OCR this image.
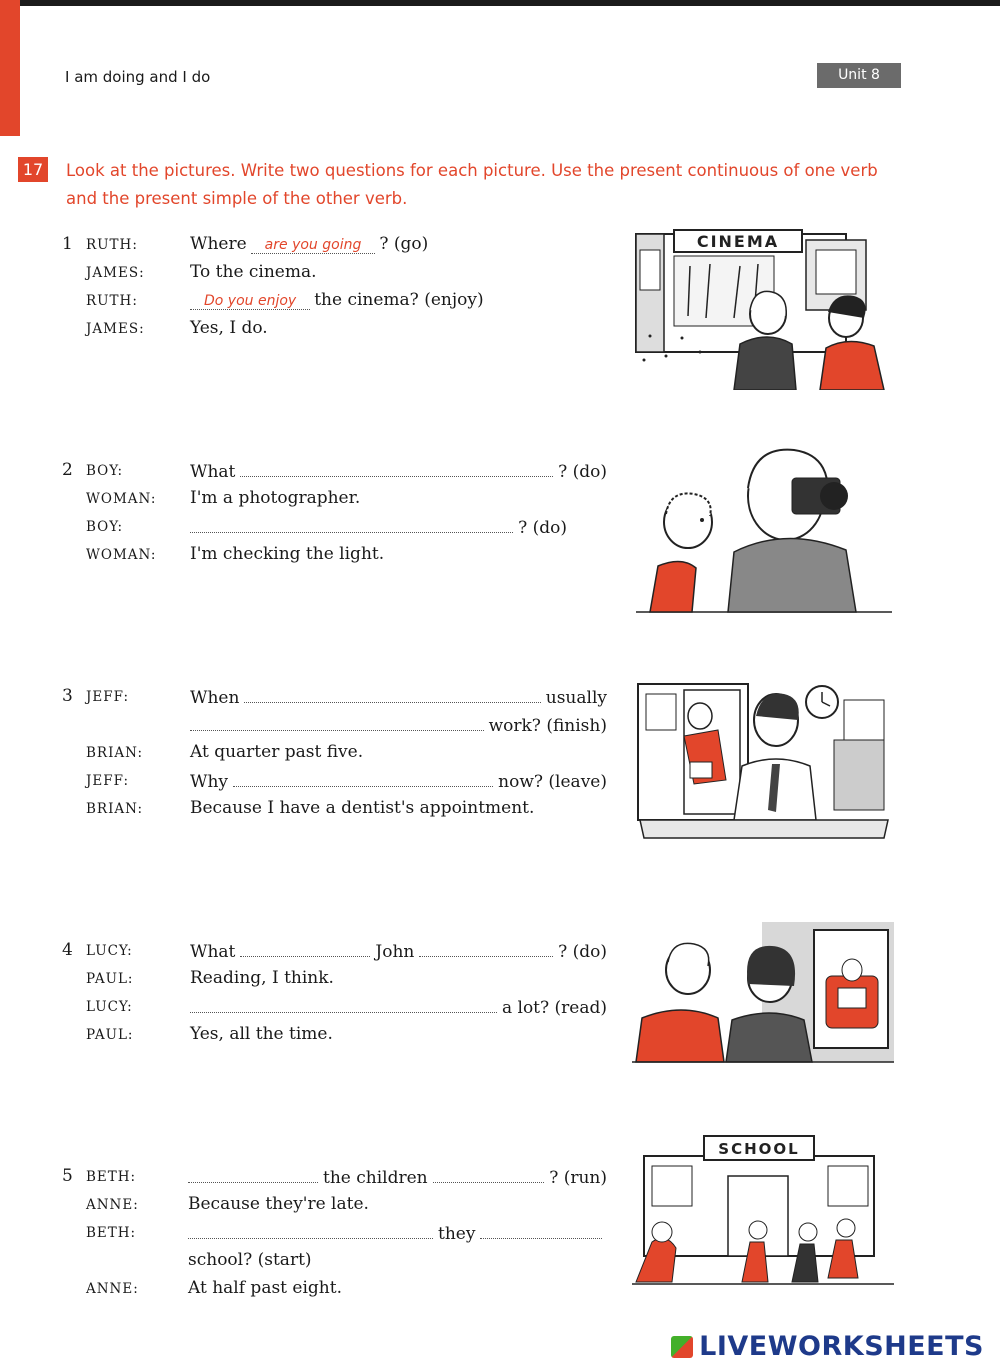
I am doing and I do	Unit 8
17 Look at the pictures. Write two questions for each picture. Use the present continuous of one verb and the present simple of the other verb.

1 RUTH:	Where	are you going	? (go)
JAMES:	To the cinema.
RUTH:	Do you enjoy	the cinema? (enjoy)
JAMES:	Yes, I do.
2 BOY:	What	? (do)
WOMAN: I'm a photographer.
BOY:	? (do)
WOMAN: I'm checking the light.
3 JEFF:	When	usually
work? (finish)
BRIAN:	At quarter past five.
JEFF:	Why	now? (leave)
BRIAN:	Because I have a dentist's appointment.
4 LUCY:	What	John	? (do)
PAUL:	Reading, I think.
LUCY:	a lot? (read)
PAUL:	Yes, all the time.
5 BETH:	the children	? (run)
ANNE:	Because they're late.
BETH:	they
school? (start)
ANNE:	At half past eight.
CINEMA
SCHOOL
LIVEWORKSHEETS
